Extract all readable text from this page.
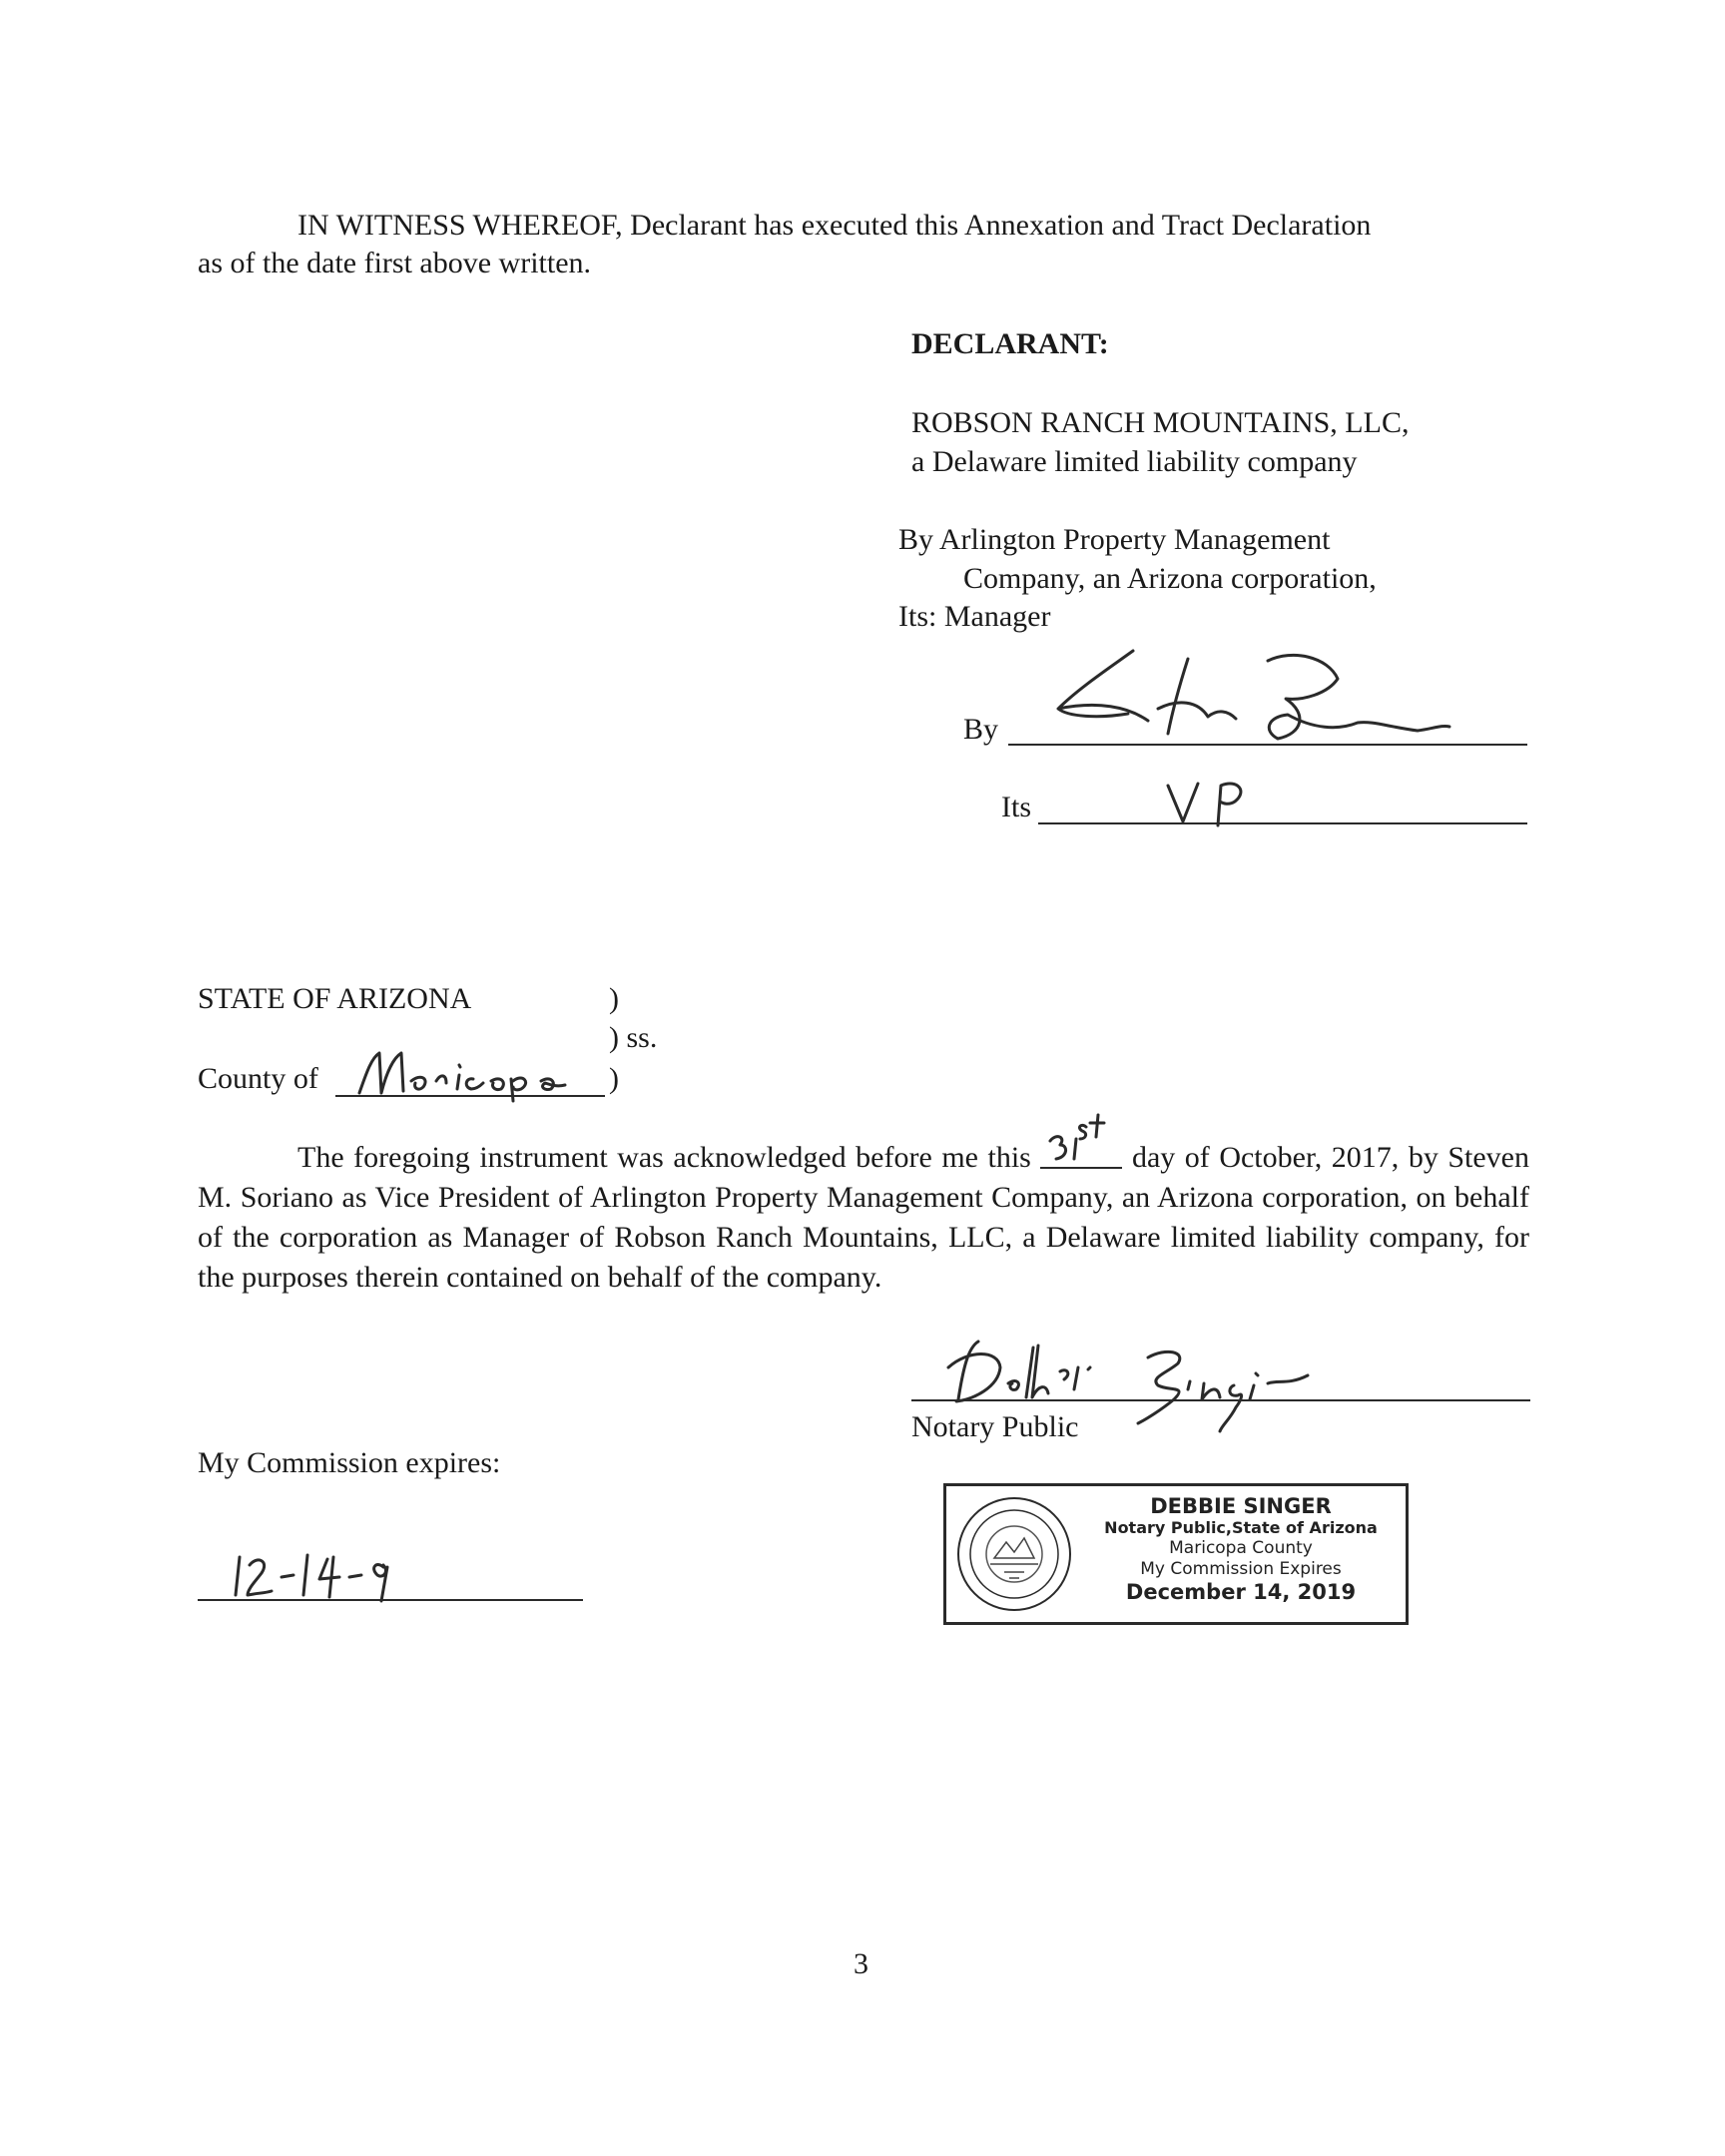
IN WITNESS WHEREOF, Declarant has executed this Annexation and Tract Declaration
as of the date first above written.
DECLARANT:
ROBSON RANCH MOUNTAINS, LLC,
a Delaware limited liability company
By Arlington Property Management
Company, an Arizona corporation,
Its: Manager
By
Its
STATE OF ARIZONA	)
) ss.
County of	)
The foregoing instrument was acknowledged before me this	day of October, 2017, by Steven M. Soriano as Vice President of Arlington Property Management Company, an Arizona corporation, on behalf of the corporation as Manager of Robson Ranch Mountains, LLC, a Delaware limited liability company, for the purposes therein contained on behalf of the company.
Notary Public
My Commission expires:
DEBBIE SINGER
Notary Public,State of Arizona
Maricopa County
My Commission Expires
December 14, 2019
3
